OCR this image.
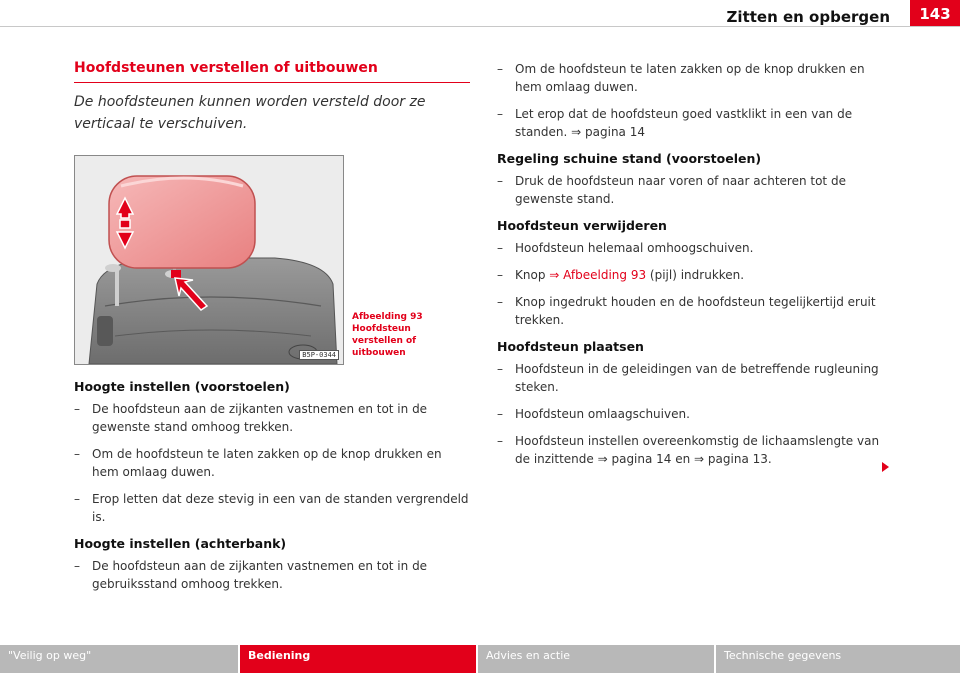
Zitten en opbergen	143
Hoofdsteunen verstellen of uitbouwen
De hoofdsteunen kunnen worden versteld door ze verticaal te verschuiven.
B5P-0344
Afbeelding 93 Hoofdsteun verstellen of uitbouwen
Hoogte instellen (voorstoelen)
– De hoofdsteun aan de zijkanten vastnemen en tot in de gewenste stand omhoog trekken.
– Om de hoofdsteun te laten zakken op de knop drukken en hem omlaag duwen.
– Erop letten dat deze stevig in een van de standen vergrendeld is.
Hoogte instellen (achterbank)
– De hoofdsteun aan de zijkanten vastnemen en tot in de gebruiksstand omhoog trekken.
– Om de hoofdsteun te laten zakken op de knop drukken en hem omlaag duwen.
– Let erop dat de hoofdsteun goed vastklikt in een van de standen. ⇒ pagina 14
Regeling schuine stand (voorstoelen)
– Druk de hoofdsteun naar voren of naar achteren tot de gewenste stand.
Hoofdsteun verwijderen
– Hoofdsteun helemaal omhoogschuiven.
– Knop ⇒ Afbeelding 93 (pijl) indrukken.
– Knop ingedrukt houden en de hoofdsteun tegelijkertijd eruit trekken.
Hoofdsteun plaatsen
– Hoofdsteun in de geleidingen van de betreffende rugleuning steken.
– Hoofdsteun omlaagschuiven.
– Hoofdsteun instellen overeenkomstig de lichaamslengte van de inzittende ⇒ pagina 14 en ⇒ pagina 13.
"Veilig op weg"	Bediening	Advies en actie	Technische gegevens
